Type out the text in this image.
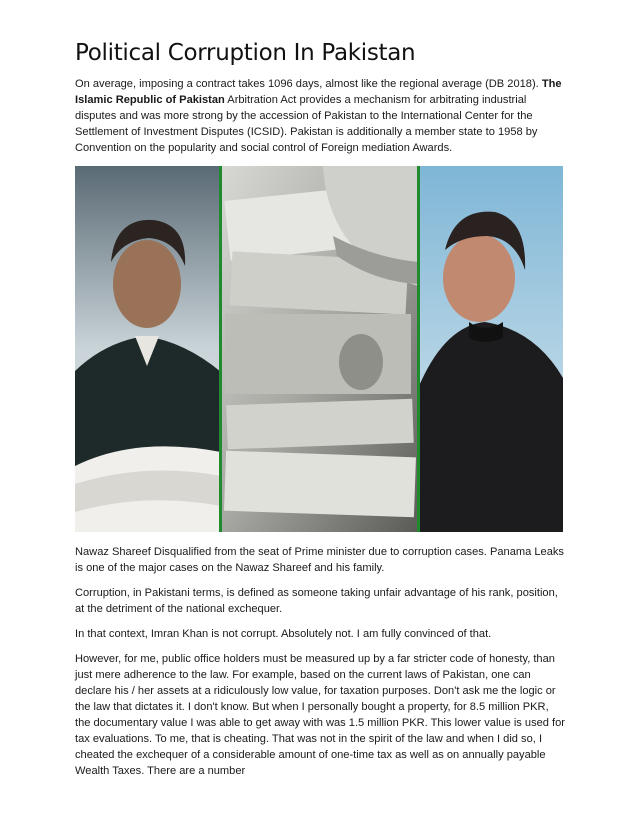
Political Corruption In Pakistan

On average, imposing a contract takes 1096 days, almost like the regional average (DB 2018). The Islamic Republic of Pakistan Arbitration Act provides a mechanism for arbitrating industrial disputes and was more strong by the accession of Pakistan to the International Center for the Settlement of Investment Disputes (ICSID). Pakistan is additionally a member state to 1958 by Convention on the popularity and social control of Foreign mediation Awards.

Nawaz Shareef Disqualified from the seat of Prime minister due to corruption cases. Panama Leaks is one of the major cases on the Nawaz Shareef and his family.

Corruption, in Pakistani terms, is defined as someone taking unfair advantage of his rank, position, at the detriment of the national exchequer.

In that context, Imran Khan is not corrupt. Absolutely not. I am fully convinced of that.

However, for me, public office holders must be measured up by a far stricter code of honesty, than just mere adherence to the law. For example, based on the current laws of Pakistan, one can declare his / her assets at a ridiculously low value, for taxation purposes. Don't ask me the logic or the law that dictates it. I don't know. But when I personally bought a property, for 8.5 million PKR, the documentary value I was able to get away with was 1.5 million PKR. This lower value is used for tax evaluations. To me, that is cheating. That was not in the spirit of the law and when I did so, I cheated the exchequer of a considerable amount of one-time tax as well as on annually payable Wealth Taxes. There are a number
